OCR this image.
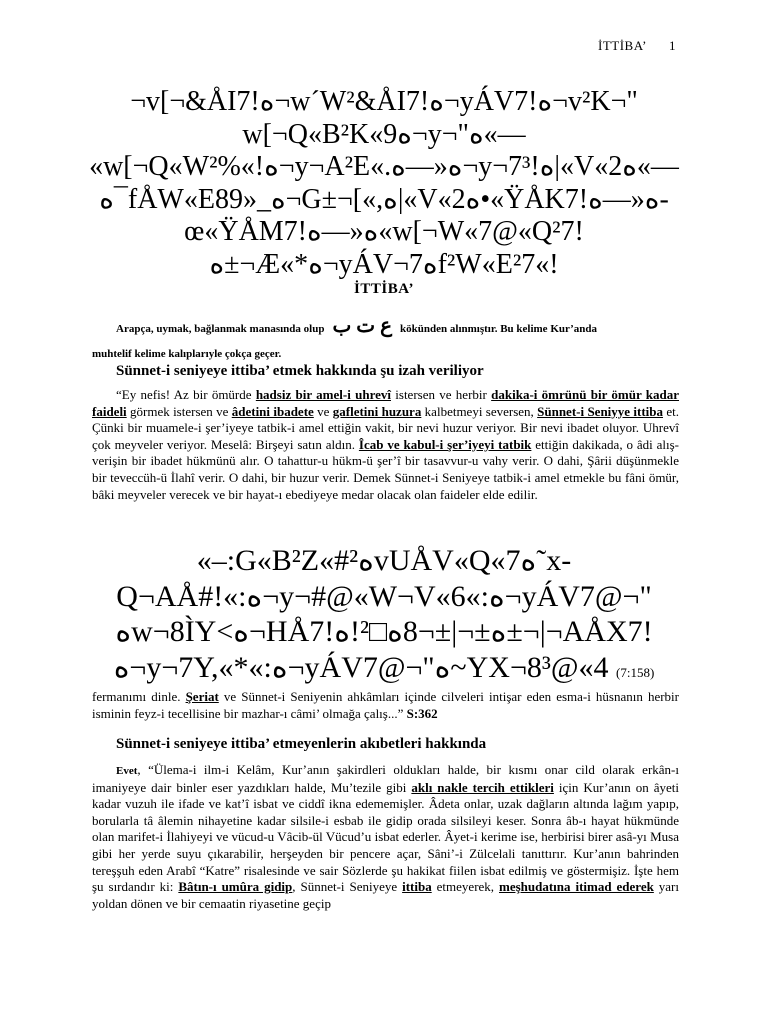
İTTİBA’ 1
¬v[¬&ÅI7!ﻩ¬w´W²&ÅI7!ﻩ¬yÁV7!ﻩ¬v²K¬"
w[¬Q«B²K«9ﻩ¬y¬"ﻩ«—
«w[¬Q«W²%«!ﻩ¬y¬A²E«.ﻩ«—ﻩ¬y¬7³!ﻩ|«V«2ﻩ«—
ﻩ¯fÅW«E8ﻩ_«9¬G±¬[«,ﻩ|«V«2ﻩ•«ŸÅK7!ﻩ«—ﻩ-
œ«ŸÅM7!ﻩ«—ﻩ«w[¬W«7@«Q²7!
ﻩ±¬Æ«*ﻩ¬yÁV¬7ﻩf²W«E²7«!
İTTİBA’
Arapça, uymak, bağlanmak manasında olup ع ت ب kökünden alınmıştır. Bu kelime Kur’anda
muhtelif kelime kalıplarıyle çokça geçer.
Sünnet-i seniyeye ittiba’ etmek hakkında şu izah veriliyor
“Ey nefis! Az bir ömürde hadsiz bir amel-i uhrevî istersen ve herbir dakika-i ömrünü bir ömür kadar faideli görmek istersen ve âdetini ibadete ve gafletini huzura kalbetmeyi seversen, Sünnet-i Seniyye ittiba et. Çünki bir muamele-i şer’iyeye tatbik-i amel ettiğin vakit, bir nevi huzur veriyor. Bir nevi ibadet oluyor. Uhrevî çok meyveler veriyor. Meselâ: Birşeyi satın aldın. Îcab ve kabul-i şer’iyeyi tatbik ettiğin dakikada, o âdi alış-verişin bir ibadet hükmünü alır. O tahattur-u hükm-ü şer’î bir tasavvur-u vahy verir. O dahi, Şârii düşünmekle bir teveccüh-ü İlahî verir. O dahi, bir huzur verir. Demek Sünnet-i Seniyeye tatbik-i amel etmekle bu fâni ömür, bâki meyveler verecek ve bir hayat-ı ebediyeye medar olacak olan faideler elde edilir.
«–:G«B²Z«#ﻩ²vUÅV«Q«7ﻩ˜x-
Q¬AÅ#!«:ﻩ¬y¬#@«W¬V«6«:ﻩ¬yÁV7@¬"
ﻩw¬8ÌY<ﻩ¬HÅ7!ﻩ±¬|±¬8ﻩ□²!ﻩ±¬|¬AÅX7!
ﻩ¬y¬7Y,«*«:ﻩ¬yÁV7@¬"ﻩ~YX¬8³@«4 (7:158)
fermanımı dinle. Şeriat ve Sünnet-i Seniyenin ahkâmları içinde cilveleri intişar eden esma-i hüsnanın herbir isminin feyz-i tecellisine bir mazhar-ı câmi’ olmağa çalış...” S:362
Sünnet-i seniyeye ittiba’ etmeyenlerin akıbetleri hakkında
Evet, “Ülema-i ilm-i Kelâm, Kur’anın şakirdleri oldukları halde, bir kısmı onar cild olarak erkân-ı imaniyeye dair binler eser yazdıkları halde, Mu’tezile gibi aklı nakle tercih ettikleri için Kur’anın on âyeti kadar vuzuh ile ifade ve kat’î isbat ve ciddî ikna edememişler. Âdeta onlar, uzak dağların altında lağım yapıp, borularla tâ âlemin nihayetine kadar silsile-i esbab ile gidip orada silsileyi keser. Sonra âb-ı hayat hükmünde olan marifet-i İlahiyeyi ve vücud-u Vâcib-ül Vücud’u isbat ederler. Âyet-i kerime ise, herbirisi birer asâ-yı Musa gibi her yerde suyu çıkarabilir, herşeyden bir pencere açar, Sâni’-i Zülcelali tanıttırır. Kur’anın bahrinden tereşşuh eden Arabî “Katre” risalesinde ve sair Sözlerde şu hakikat fiilen isbat edilmiş ve göstermişiz. İşte hem şu sırdandır ki: Bâtın-ı umûra gidip, Sünnet-i Seniyeye ittiba etmeyerek, meşhudatına itimad ederek yarı yoldan dönen ve bir cemaatin riyasetine geçip
